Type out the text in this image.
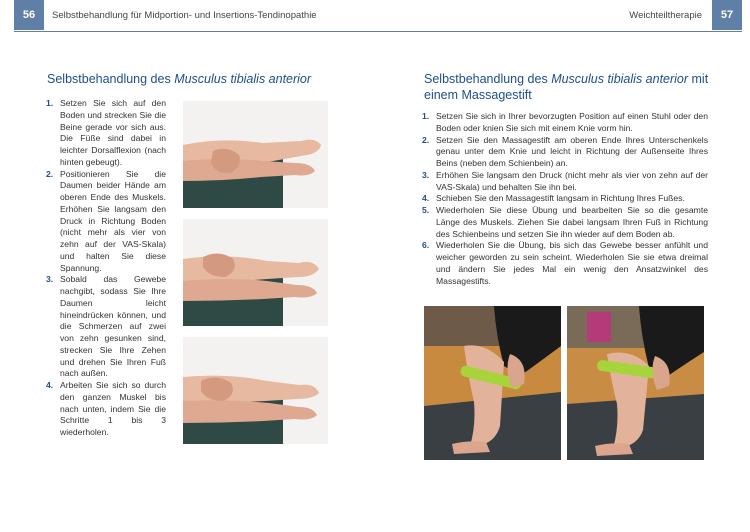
56	Selbstbehandlung für Midportion- und Insertions-Tendinopathie
Selbstbehandlung des Musculus tibialis anterior
1. Setzen Sie sich auf den Boden und strecken Sie die Beine gerade vor sich aus. Die Füße sind dabei in leichter Dorsalflexion (nach hinten gebeugt).
2. Positionieren Sie die Daumen beider Hände am oberen Ende des Muskels. Erhöhen Sie langsam den Druck in Richtung Boden (nicht mehr als vier von zehn auf der VAS-Skala) und halten Sie diese Spannung.
3. Sobald das Gewebe nachgibt, sodass Sie Ihre Daumen leicht hineindrücken können, und die Schmerzen auf zwei von zehn gesunken sind, strecken Sie Ihre Zehen und drehen Sie Ihren Fuß nach außen.
4. Arbeiten Sie sich so durch den ganzen Muskel bis nach unten, indem Sie die Schritte 1 bis 3 wiederholen.
57
Weichteiltherapie
Selbstbehandlung des Musculus tibialis anterior mit einem Massagestift
1. Setzen Sie sich in Ihrer bevorzugten Position auf einen Stuhl oder den Boden oder knien Sie sich mit einem Knie vorm hin.
2. Setzen Sie den Massagestift am oberen Ende Ihres Unterschenkels genau unter dem Knie und leicht in Richtung der Außenseite Ihres Beins (neben dem Schienbein) an.
3. Erhöhen Sie langsam den Druck (nicht mehr als vier von zehn auf der VAS-Skala) und behalten Sie ihn bei.
4. Schieben Sie den Massagestift langsam in Richtung Ihres Fußes.
5. Wiederholen Sie diese Übung und bearbeiten Sie so die gesamte Länge des Muskels. Ziehen Sie dabei langsam Ihren Fuß in Richtung des Schienbeins und setzen Sie ihn wieder auf dem Boden ab.
6. Wiederholen Sie die Übung, bis sich das Gewebe besser anfühlt und weicher geworden zu sein scheint. Wiederholen Sie sie etwa dreimal und ändern Sie jedes Mal ein wenig den Ansatzwinkel des Massagestifts.
